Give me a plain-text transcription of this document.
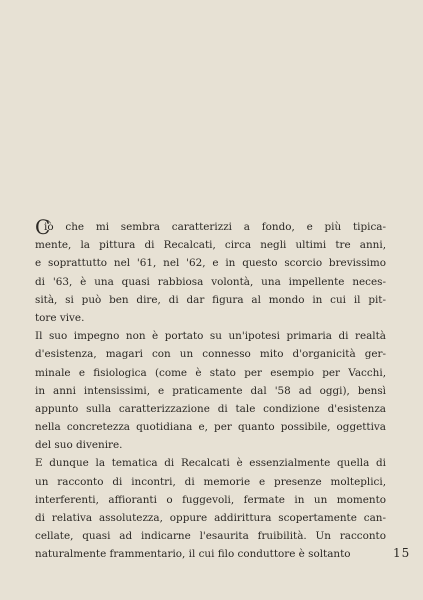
C
iò che mi sembra caratterizzi a fondo, e più tipica-
mente, la pittura di Recalcati, circa negli ultimi tre anni,
e soprattutto nel '61, nel '62, e in questo scorcio brevissimo
di '63, è una quasi rabbiosa volontà, una impellente neces-
sità, si può ben dire, di dar figura al mondo in cui il pit-
tore vive.
Il suo impegno non è portato su un'ipotesi primaria di realtà
d'esistenza, magari con un connesso mito d'organicità ger-
minale e fisiologica (come è stato per esempio per Vacchi,
in anni intensissimi, e praticamente dal '58 ad oggi), bensì
appunto sulla caratterizzazione di tale condizione d'esistenza
nella concretezza quotidiana e, per quanto possibile, oggettiva
del suo divenire.
E dunque la tematica di Recalcati è essenzialmente quella di
un racconto di incontri, di memorie e presenze molteplici,
interferenti, affioranti o fuggevoli, fermate in un momento
di relativa assolutezza, oppure addirittura scopertamente can-
cellate, quasi ad indicarne l'esaurita fruibilità. Un racconto
naturalmente frammentario, il cui filo conduttore è soltanto	15
